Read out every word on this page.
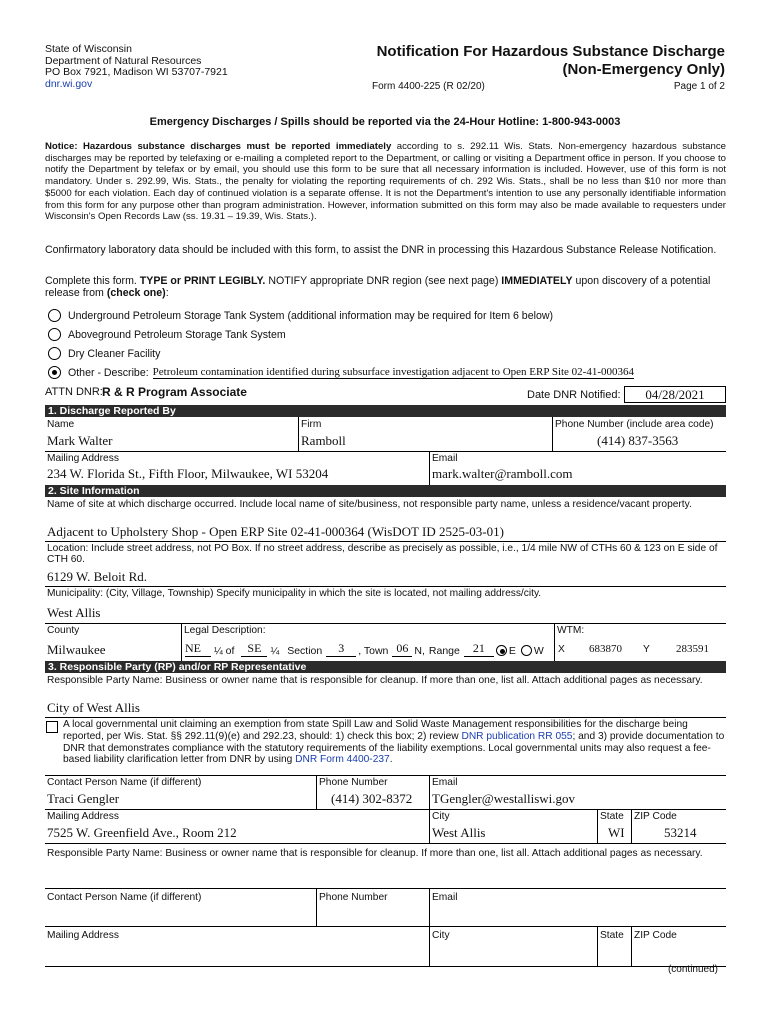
State of Wisconsin
Department of Natural Resources
PO Box 7921, Madison WI 53707-7921
dnr.wi.gov
Notification For Hazardous Substance Discharge
(Non-Emergency Only)
Form 4400-225 (R 02/20)	Page 1 of 2
Emergency Discharges / Spills should be reported via the 24-Hour Hotline: 1-800-943-0003
Notice: Hazardous substance discharges must be reported immediately according to s. 292.11 Wis. Stats. Non-emergency hazardous substance discharges may be reported by telefaxing or e-mailing a completed report to the Department, or calling or visiting a Department office in person. If you choose to notify the Department by telefax or by email, you should use this form to be sure that all necessary information is included. However, use of this form is not mandatory. Under s. 292.99, Wis. Stats., the penalty for violating the reporting requirements of ch. 292 Wis. Stats., shall be no less than $10 nor more than $5000 for each violation. Each day of continued violation is a separate offense. It is not the Department's intention to use any personally identifiable information from this form for any purpose other than program administration. However, information submitted on this form may also be made available to requesters under Wisconsin's Open Records Law (ss. 19.31 – 19.39, Wis. Stats.).
Confirmatory laboratory data should be included with this form, to assist the DNR in processing this Hazardous Substance Release Notification.
Complete this form. TYPE or PRINT LEGIBLY. NOTIFY appropriate DNR region (see next page) IMMEDIATELY upon discovery of a potential release from (check one):
Underground Petroleum Storage Tank System (additional information may be required for Item 6 below)
Aboveground Petroleum Storage Tank System
Dry Cleaner Facility
Other - Describe: Petroleum contamination identified during subsurface investigation adjacent to Open ERP Site 02-41-000364
ATTN DNR: R & R Program Associate	Date DNR Notified:	04/28/2021
1. Discharge Reported By
Name
Mark Walter
Firm
Ramboll
Phone Number (include area code)
(414) 837-3563
Mailing Address
234 W. Florida St., Fifth Floor, Milwaukee, WI 53204
Email
mark.walter@ramboll.com
2. Site Information
Name of site at which discharge occurred. Include local name of site/business, not responsible party name, unless a residence/vacant property.
Adjacent to Upholstery Shop - Open ERP Site 02-41-000364 (WisDOT ID 2525-03-01)
Location: Include street address, not PO Box. If no street address, describe as precisely as possible, i.e., 1/4 mile NW of CTHs 60 & 123 on E side of CTH 60.
6129 W. Beloit Rd.
Municipality: (City, Village, Township) Specify municipality in which the site is located, not mailing address/city.
West Allis
County
Milwaukee
Legal Description:
NE	¼ of	SE ¼ Section	3	, Town 06 N, Range	21	E W
WTM:
X 683870 Y 283591
3. Responsible Party (RP) and/or RP Representative
Responsible Party Name: Business or owner name that is responsible for cleanup. If more than one, list all. Attach additional pages as necessary.
City of West Allis
A local governmental unit claiming an exemption from state Spill Law and Solid Waste Management responsibilities for the discharge being reported, per Wis. Stat. §§ 292.11(9)(e) and 292.23, should: 1) check this box; 2) review DNR publication RR 055; and 3) provide documentation to DNR that demonstrates compliance with the statutory requirements of the liability exemptions. Local governmental units may also request a fee-based liability clarification letter from DNR by using DNR Form 4400-237.
Contact Person Name (if different)
Traci Gengler
Phone Number
(414) 302-8372
Email
TGengler@westalliswi.gov
Mailing Address
7525 W. Greenfield Ave., Room 212
City
West Allis
State
WI
ZIP Code
53214
Responsible Party Name: Business or owner name that is responsible for cleanup. If more than one, list all. Attach additional pages as necessary.
Contact Person Name (if different)	Phone Number	Email
Mailing Address	City	State ZIP Code
(continued)
